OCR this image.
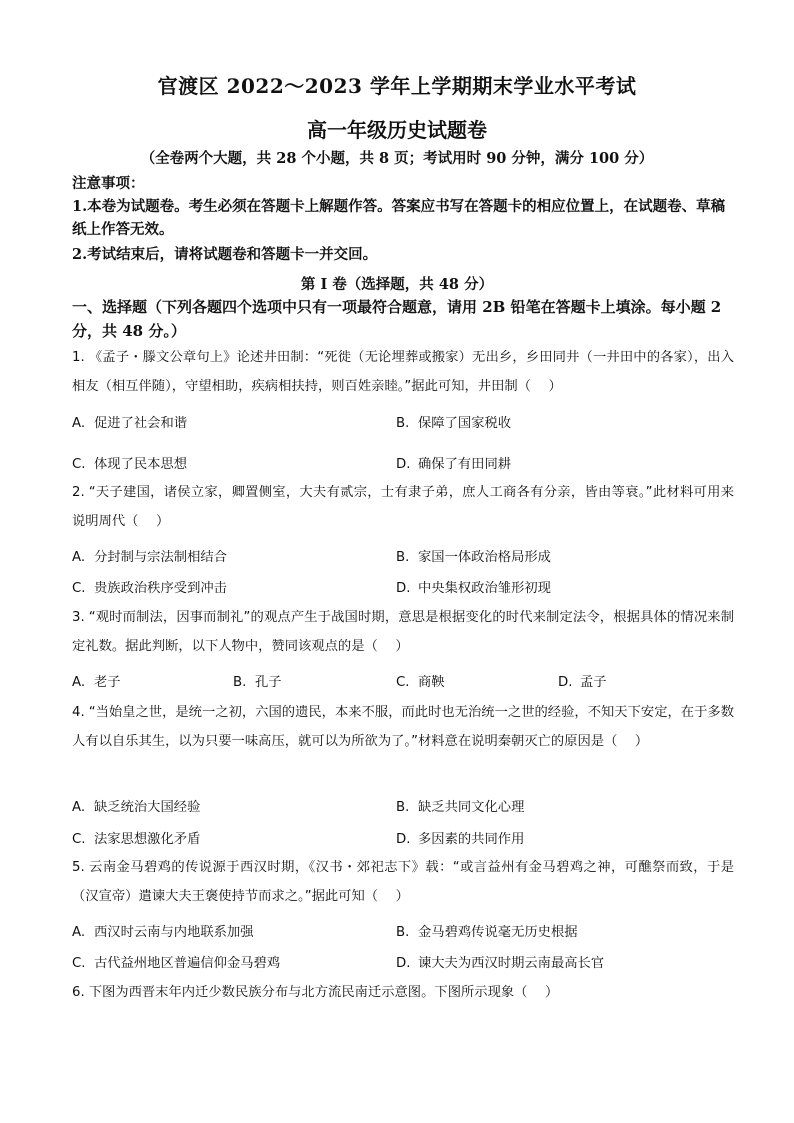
官渡区 2022～2023 学年上学期期末学业水平考试
高一年级历史试题卷
（全卷两个大题，共 28 个小题，共 8 页；考试用时 90 分钟，满分 100 分）
注意事项：
1.本卷为试题卷。考生必须在答题卡上解题作答。答案应书写在答题卡的相应位置上，在试题卷、草稿纸上作答无效。
2.考试结束后，请将试题卷和答题卡一并交回。
第 I 卷（选择题，共 48 分）
一、选择题（下列各题四个选项中只有一项最符合题意，请用 2B 铅笔在答题卡上填涂。每小题 2 分，共 48 分。）
1. 《孟子・滕文公章句上》论述井田制：“死徙（无论埋葬或搬家）无出乡，乡田同井（一井田中的各家），出入相友（相互伴随），守望相助，疾病相扶持，则百姓亲睦。”据此可知，井田制（　 ）
A. 促进了社会和谐	B. 保障了国家税收
C. 体现了民本思想	D. 确保了有田同耕
2. “天子建国，诸侯立家，卿置侧室，大夫有贰宗，士有隶子弟，庶人工商各有分亲，皆由等衰。”此材料可用来说明周代（　 ）
A. 分封制与宗法制相结合	B. 家国一体政治格局形成
C. 贵族政治秩序受到冲击	D. 中央集权政治雏形初现
3. “观时而制法，因事而制礼”的观点产生于战国时期，意思是根据变化的时代来制定法令，根据具体的情况来制定礼数。据此判断，以下人物中，赞同该观点的是（　 ）
A. 老子	B. 孔子	C. 商鞅	D. 孟子
4. “当始皇之世，是统一之初，六国的遗民，本来不服，而此时也无治统一之世的经验，不知天下安定，在于多数人有以自乐其生，以为只要一味高压，就可以为所欲为了。”材料意在说明秦朝灭亡的原因是（　 ）
A. 缺乏统治大国经验	B. 缺乏共同文化心理
C. 法家思想激化矛盾	D. 多因素的共同作用
5. 云南金马碧鸡的传说源于西汉时期，《汉书・郊祀志下》载：“或言益州有金马碧鸡之神，可醮祭而致，于是（汉宣帝）遣谏大夫王褒使持节而求之。”据此可知（　 ）
A. 西汉时云南与内地联系加强	B. 金马碧鸡传说毫无历史根据
C. 古代益州地区普遍信仰金马碧鸡	D. 谏大夫为西汉时期云南最高长官
6. 下图为西晋末年内迁少数民族分布与北方流民南迁示意图。下图所示现象（　 ）
